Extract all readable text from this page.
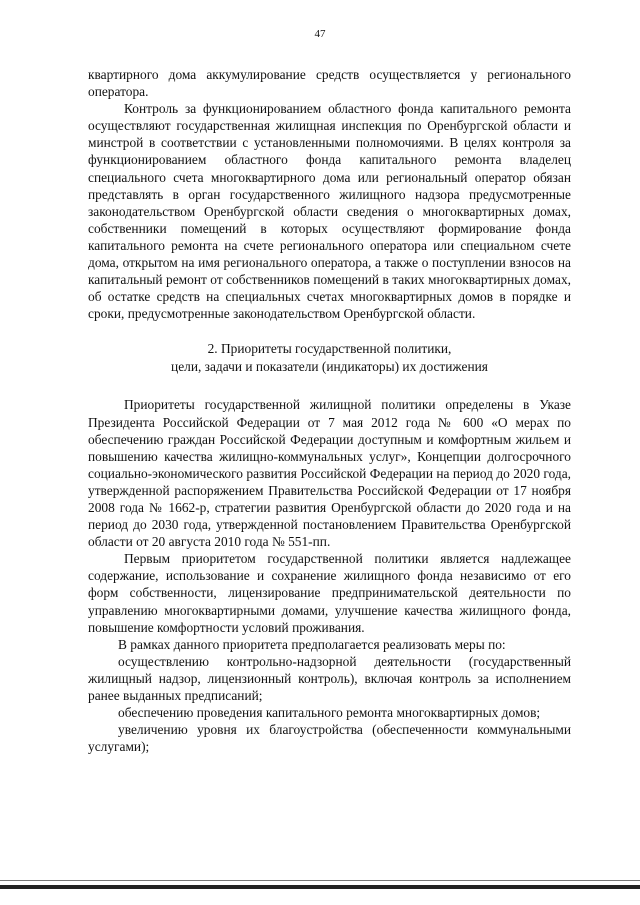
47

квартирного дома аккумулирование средств осуществляется у регионального оператора.

Контроль за функционированием областного фонда капитального ремонта осуществляют государственная жилищная инспекция по Оренбургской области и минстрой в соответствии с установленными полномочиями. В целях контроля за функционированием областного фонда капитального ремонта владелец специального счета многоквартирного дома или региональный оператор обязан представлять в орган государственного жилищного надзора предусмотренные законодательством Оренбургской области сведения о многоквартирных домах, собственники помещений в которых осуществляют формирование фонда капитального ремонта на счете регионального оператора или специальном счете дома, открытом на имя регионального оператора, а также о поступлении взносов на капитальный ремонт от собственников помещений в таких многоквартирных домах, об остатке средств на специальных счетах многоквартирных домов в порядке и сроки, предусмотренные законодательством Оренбургской области.

2. Приоритеты государственной политики,
цели, задачи и показатели (индикаторы) их достижения

Приоритеты государственной жилищной политики определены в Указе Президента Российской Федерации от 7 мая 2012 года № 600 «О мерах по обеспечению граждан Российской Федерации доступным и комфортным жильем и повышению качества жилищно-коммунальных услуг», Концепции долгосрочного социально-экономического развития Российской Федерации на период до 2020 года, утвержденной распоряжением Правительства Российской Федерации от 17 ноября 2008 года № 1662-р, стратегии развития Оренбургской области до 2020 года и на период до 2030 года, утвержденной постановлением Правительства Оренбургской области от 20 августа 2010 года № 551-пп.

Первым приоритетом государственной политики является надлежащее содержание, использование и сохранение жилищного фонда независимо от его форм собственности, лицензирование предпринимательской деятельности по управлению многоквартирными домами, улучшение качества жилищного фонда, повышение комфортности условий проживания.

В рамках данного приоритета предполагается реализовать меры по:

осуществлению контрольно-надзорной деятельности (государственный жилищный надзор, лицензионный контроль), включая контроль за исполнением ранее выданных предписаний;

обеспечению проведения капитального ремонта многоквартирных домов;

увеличению уровня их благоустройства (обеспеченности коммунальными услугами);
